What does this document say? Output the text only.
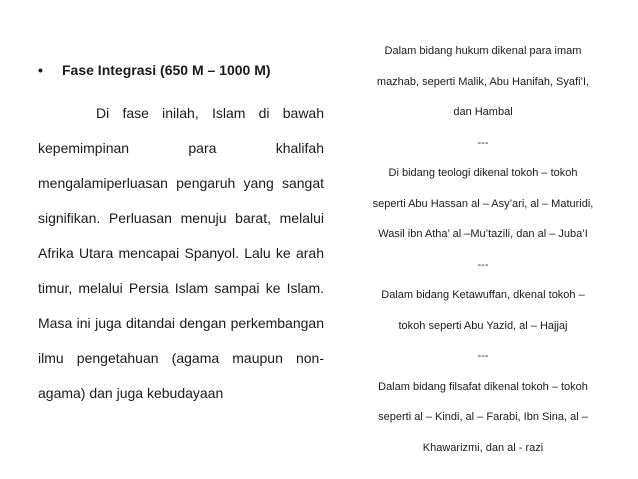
•	Fase Integrasi (650 M – 1000 M)

Di fase inilah, Islam di bawah kepemimpinan para khalifah mengalamiperluasan pengaruh yang sangat signifikan. Perluasan menuju barat, melalui Afrika Utara mencapai Spanyol. Lalu ke arah timur, melalui Persia Islam sampai ke Islam. Masa ini juga ditandai dengan perkembangan ilmu pengetahuan (agama maupun non-agama) dan juga kebudayaan

Dalam bidang hukum dikenal para imam
mazhab, seperti Malik, Abu Hanifah, Syafi’I,
dan Hambal
---
Di bidang teologi dikenal tokoh – tokoh
seperti Abu Hassan al – Asy’ari, al – Maturidi,
Wasil ibn Atha’ al –Mu’tazili, dan al – Juba’I
---
Dalam bidang Ketawuffan, dkenal tokoh –
tokoh seperti Abu Yazid, al – Hajjaj
---
Dalam bidang filsafat dikenal tokoh – tokoh
seperti al – Kindi, al – Farabi, Ibn Sina, al –
Khawarizmi, dan al - razi
